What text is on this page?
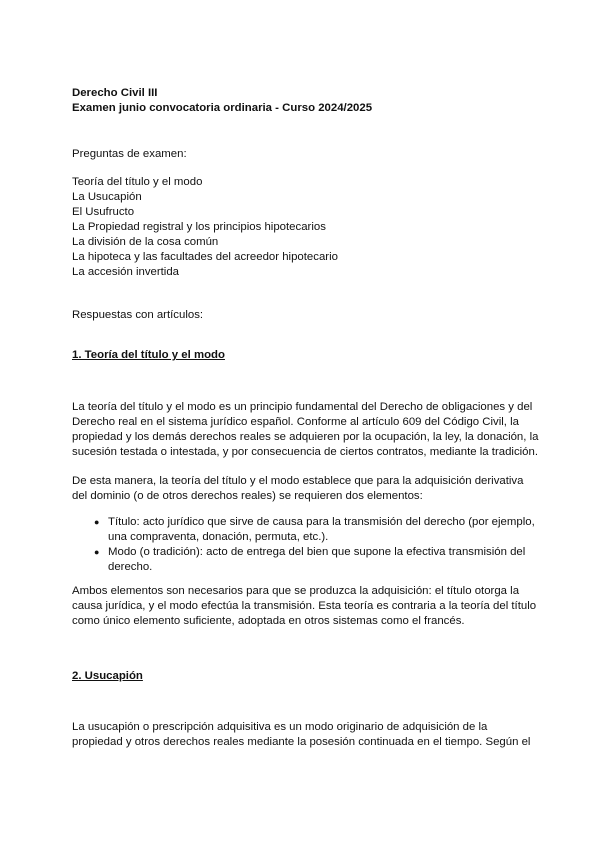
Derecho Civil III
Examen junio convocatoria ordinaria - Curso 2024/2025
Preguntas de examen:
Teoría del título y el modo
La Usucapión
El Usufructo
La Propiedad registral y los principios hipotecarios
La división de la cosa común
La hipoteca y las facultades del acreedor hipotecario
La accesión invertida
Respuestas con artículos:
1. Teoría del título y el modo
La teoría del título y el modo es un principio fundamental del Derecho de obligaciones y del
Derecho real en el sistema jurídico español. Conforme al artículo 609 del Código Civil, la
propiedad y los demás derechos reales se adquieren por la ocupación, la ley, la donación, la
sucesión testada o intestada, y por consecuencia de ciertos contratos, mediante la tradición.
De esta manera, la teoría del título y el modo establece que para la adquisición derivativa
del dominio (o de otros derechos reales) se requieren dos elementos:
● Título: acto jurídico que sirve de causa para la transmisión del derecho (por ejemplo,
una compraventa, donación, permuta, etc.).
● Modo (o tradición): acto de entrega del bien que supone la efectiva transmisión del
derecho.
Ambos elementos son necesarios para que se produzca la adquisición: el título otorga la
causa jurídica, y el modo efectúa la transmisión. Esta teoría es contraria a la teoría del título
como único elemento suficiente, adoptada en otros sistemas como el francés.
2. Usucapión
La usucapión o prescripción adquisitiva es un modo originario de adquisición de la
propiedad y otros derechos reales mediante la posesión continuada en el tiempo. Según el
